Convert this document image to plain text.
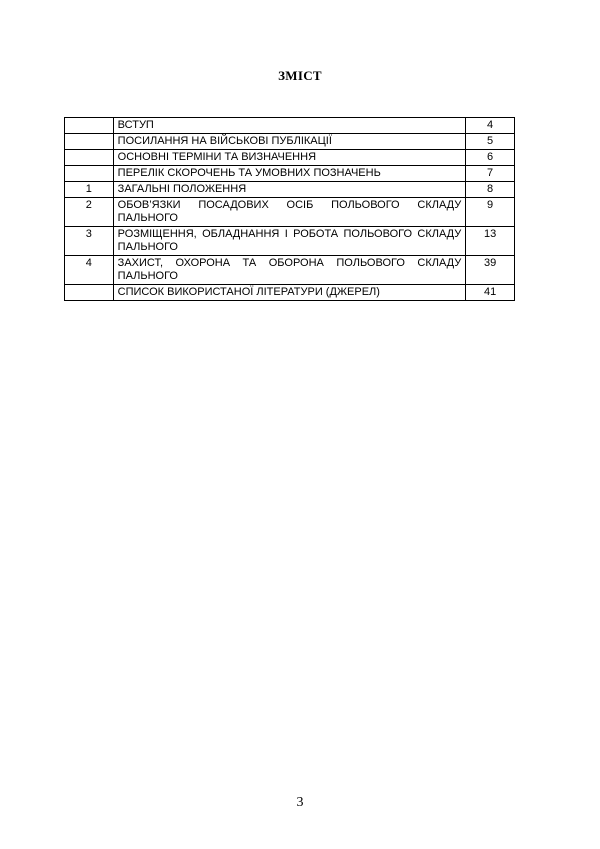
ЗМІСТ
	ВСТУП	4
	ПОСИЛАННЯ НА ВІЙСЬКОВІ ПУБЛІКАЦІЇ	5
	ОСНОВНІ ТЕРМІНИ ТА ВИЗНАЧЕННЯ	6
	ПЕРЕЛІК СКОРОЧЕНЬ ТА УМОВНИХ ПОЗНАЧЕНЬ	7
1	ЗАГАЛЬНІ ПОЛОЖЕННЯ	8
2	ОБОВ’ЯЗКИ ПОСАДОВИХ ОСІБ ПОЛЬОВОГО СКЛАДУ ПАЛЬНОГО	9
3	РОЗМІЩЕННЯ, ОБЛАДНАННЯ І РОБОТА ПОЛЬОВОГО СКЛАДУ ПАЛЬНОГО	13
4	ЗАХИСТ, ОХОРОНА ТА ОБОРОНА ПОЛЬОВОГО СКЛАДУ ПАЛЬНОГО	39
	СПИСОК ВИКОРИСТАНОЇ ЛІТЕРАТУРИ (ДЖЕРЕЛ)	41
3
